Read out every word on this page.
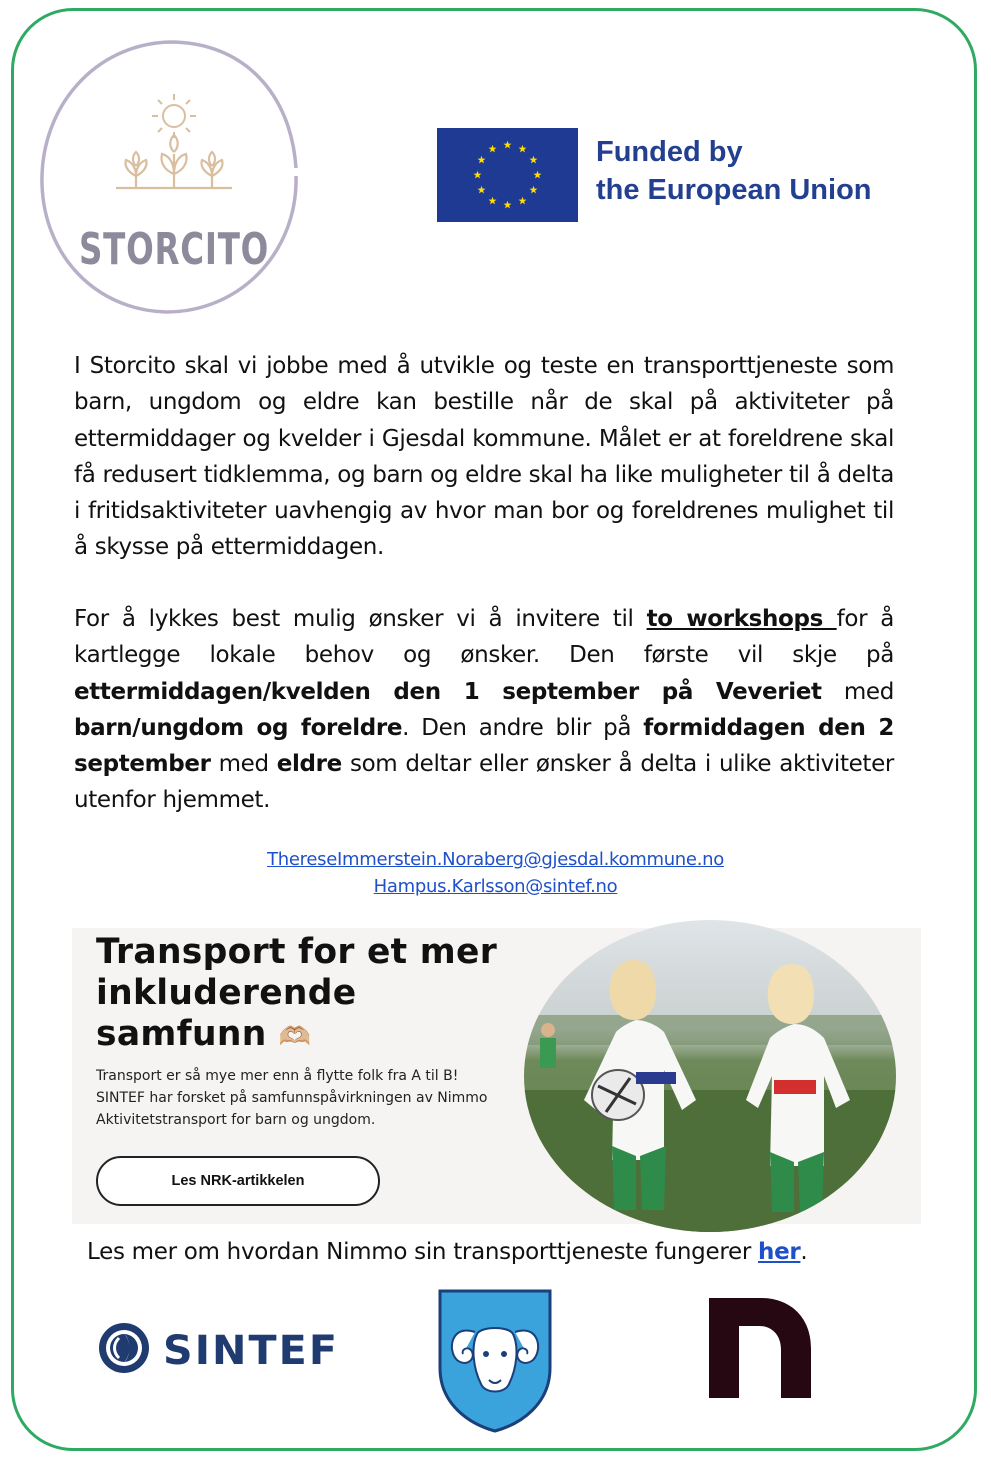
STORCITO
Funded by
the European Union
I Storcito skal vi jobbe med å utvikle og teste en transporttjeneste som barn, ungdom og eldre kan bestille når de skal på aktiviteter på ettermiddager og kvelder i Gjesdal kommune. Målet er at foreldrene skal få redusert tidklemma, og barn og eldre skal ha like muligheter til å delta i fritidsaktiviteter uavhengig av hvor man bor og foreldrenes mulighet til å skysse på ettermiddagen.
For å lykkes best mulig ønsker vi å invitere til to workshops for å kartlegge lokale behov og ønsker. Den første vil skje på ettermiddagen/kvelden den 1 september på Veveriet med barn/ungdom og foreldre. Den andre blir på formiddagen den 2 september med eldre som deltar eller ønsker å delta i ulike aktiviteter utenfor hjemmet.
ThereseImmerstein.Noraberg@gjesdal.kommune.no
Hampus.Karlsson@sintef.no
Transport for et mer
inkluderende
samfunn 🫶🏼
Transport er så mye mer enn å flytte folk fra A til B!
SINTEF har forsket på samfunnspåvirkningen av Nimmo
Aktivitetstransport for barn og ungdom.
Les NRK-artikkelen
Les mer om hvordan Nimmo sin transporttjeneste fungerer her.
SINTEF
